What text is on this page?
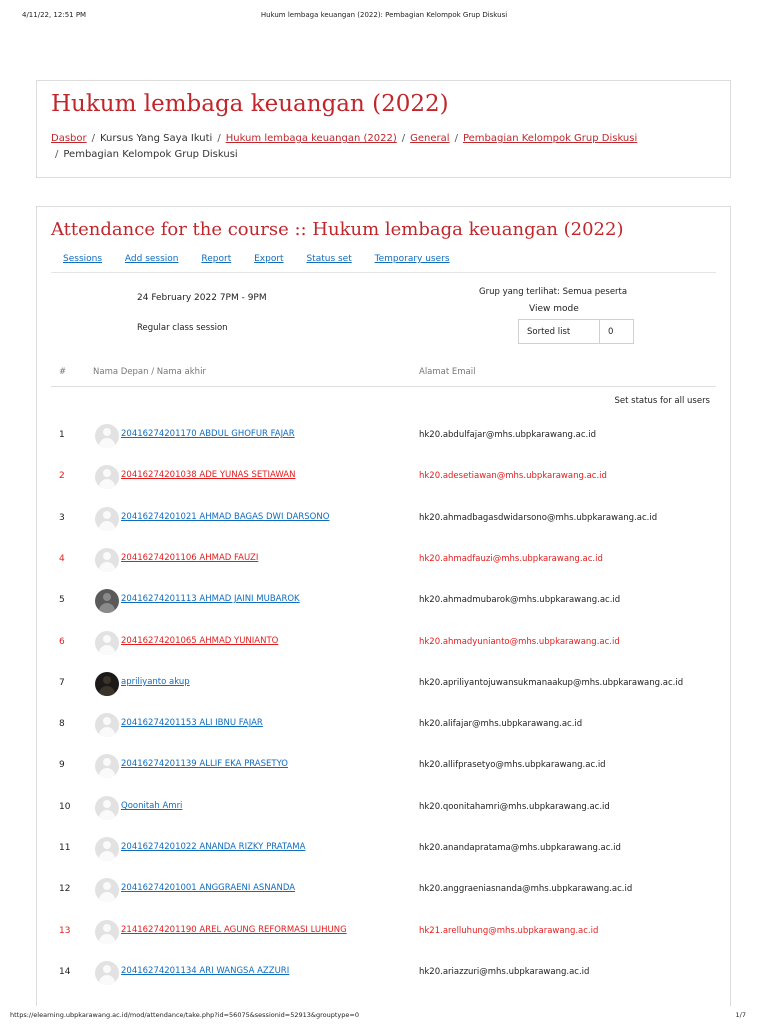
4/11/22, 12:51 PM	Hukum lembaga keuangan (2022): Pembagian Kelompok Grup Diskusi
Hukum lembaga keuangan (2022)
Dasbor / Kursus Yang Saya Ikuti / Hukum lembaga keuangan (2022) / General / Pembagian Kelompok Grup Diskusi
/ Pembagian Kelompok Grup Diskusi
Attendance for the course :: Hukum lembaga keuangan (2022)
Sessions	Add session	Report	Export	Status set	Temporary users
24 February 2022 7PM - 9PM
Regular class session
Grup yang terlihat: Semua peserta
View mode
Sorted list	0
#	Nama Depan / Nama akhir	Alamat Email
Set status for all users
1	20416274201170 ABDUL GHOFUR FAJAR	hk20.abdulfajar@mhs.ubpkarawang.ac.id
2	20416274201038 ADE YUNAS SETIAWAN	hk20.adesetiawan@mhs.ubpkarawang.ac.id
3	20416274201021 AHMAD BAGAS DWI DARSONO	hk20.ahmadbagasdwidarsono@mhs.ubpkarawang.ac.id
4	20416274201106 AHMAD FAUZI	hk20.ahmadfauzi@mhs.ubpkarawang.ac.id
5	20416274201113 AHMAD JAINI MUBAROK	hk20.ahmadmubarok@mhs.ubpkarawang.ac.id
6	20416274201065 AHMAD YUNIANTO	hk20.ahmadyunianto@mhs.ubpkarawang.ac.id
7	apriliyanto akup	hk20.apriliyantojuwansukmanaakup@mhs.ubpkarawang.ac.id
8	20416274201153 ALI IBNU FAJAR	hk20.alifajar@mhs.ubpkarawang.ac.id
9	20416274201139 ALLIF EKA PRASETYO	hk20.allifprasetyo@mhs.ubpkarawang.ac.id
10	Qoonitah Amri	hk20.qoonitahamri@mhs.ubpkarawang.ac.id
11	20416274201022 ANANDA RIZKY PRATAMA	hk20.anandapratama@mhs.ubpkarawang.ac.id
12	20416274201001 ANGGRAENI ASNANDA	hk20.anggraeniasnanda@mhs.ubpkarawang.ac.id
13	21416274201190 AREL AGUNG REFORMASI LUHUNG	hk21.arelluhung@mhs.ubpkarawang.ac.id
14	20416274201134 ARI WANGSA AZZURI	hk20.ariazzuri@mhs.ubpkarawang.ac.id
https://elearning.ubpkarawang.ac.id/mod/attendance/take.php?id=56075&sessionid=52913&grouptype=0	1/7
